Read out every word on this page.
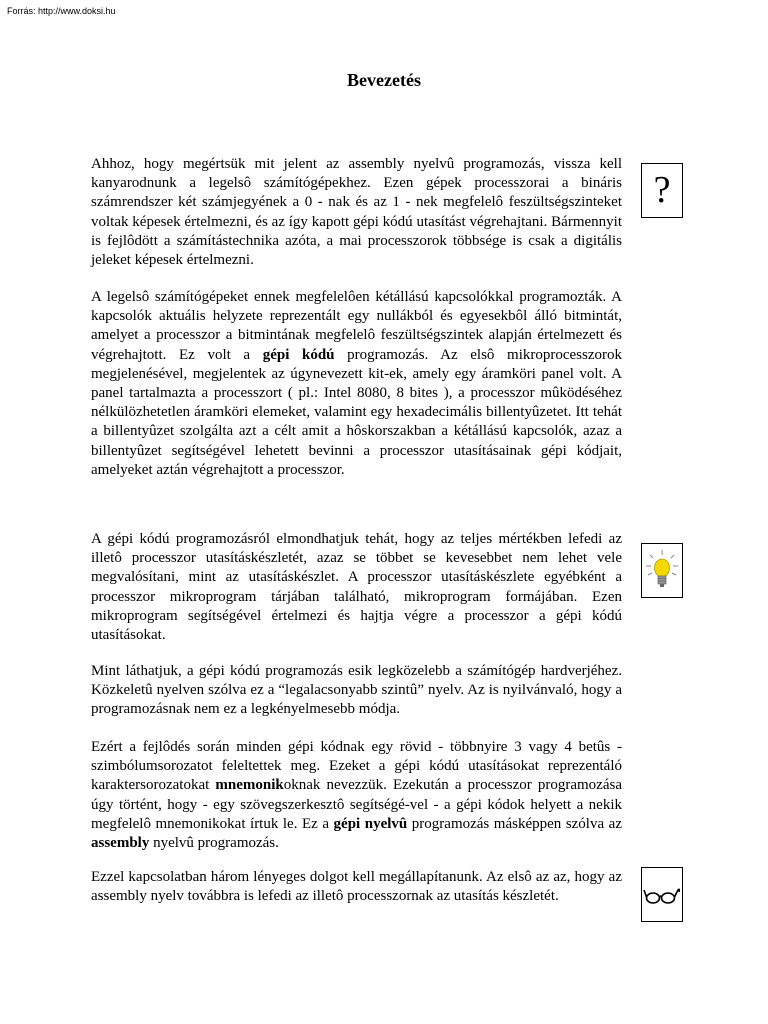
Forrás: http://www.doksi.hu
Bevezetés

Ahhoz, hogy megértsük mit jelent az assembly nyelvû programozás, vissza kell kanyarodnunk a legelsô számítógépekhez. Ezen gépek processzorai a bináris számrendszer két számjegyének a 0 - nak és az 1 - nek megfelelô feszültségszinteket voltak képesek értelmezni, és az így kapott gépi kódú utasítást végrehajtani. Bármennyit is fejlôdött a számítástechnika azóta, a mai processzorok többsége is csak a digitális jeleket képesek értelmezni.

?

A legelsô számítógépeket ennek megfelelôen kétállású kapcsolókkal programozták. A kapcsolók aktuális helyzete reprezentált egy nullákból és egyesekbôl álló bitmintát, amelyet a processzor a bitmintának megfelelô feszültségszintek alapján értelmezett és végrehajtott. Ez volt a gépi kódú programozás. Az elsô mikroprocesszorok megjelenésével, megjelentek az úgynevezett kit-ek, amely egy áramköri panel volt. A panel tartalmazta a processzort ( pl.: Intel 8080, 8 bites ), a processzor mûködéséhez nélkülözhetetlen áramköri elemeket, valamint egy hexadecimális billentyûzetet. Itt tehát a billentyûzet szolgálta azt a célt amit a hôskorszakban a kétállású kapcsolók, azaz a billentyûzet segítségével lehetett bevinni a processzor utasításainak gépi kódjait, amelyeket aztán végrehajtott a processzor.

A gépi kódú programozásról elmondhatjuk tehát, hogy az teljes mértékben lefedi az illetô processzor utasításkészletét, azaz se többet se kevesebbet nem lehet vele megvalósítani, mint az utasításkészlet. A processzor utasításkészlete egyébként a processzor mikroprogram tárjában található, mikroprogram formájában. Ezen mikroprogram segítségével értelmezi és hajtja végre a processzor a gépi kódú utasításokat.

Mint láthatjuk, a gépi kódú programozás esik legközelebb a számítógép hardverjéhez. Közkeletû nyelven szólva ez a “legalacsonyabb szintû” nyelv. Az is nyilvánvaló, hogy a programozásnak nem ez a legkényelmesebb módja.

Ezért a fejlôdés során minden gépi kódnak egy rövid - többnyire 3 vagy 4 betûs - szimbólumsorozatot feleltettek meg. Ezeket a gépi kódú utasításokat reprezentáló karaktersorozatokat mnemonikoknak nevezzük. Ezekután a processzor programozása úgy történt, hogy - egy szövegszerkesztô segítségé-vel - a gépi kódok helyett a nekik megfelelô mnemonikokat írtuk le. Ez a gépi nyelvû programozás másképpen szólva az assembly nyelvû programozás.

Ezzel kapcsolatban három lényeges dolgot kell megállapítanunk. Az elsô az az, hogy az assembly nyelv továbbra is lefedi az illetô processzornak az utasítás készletét.
